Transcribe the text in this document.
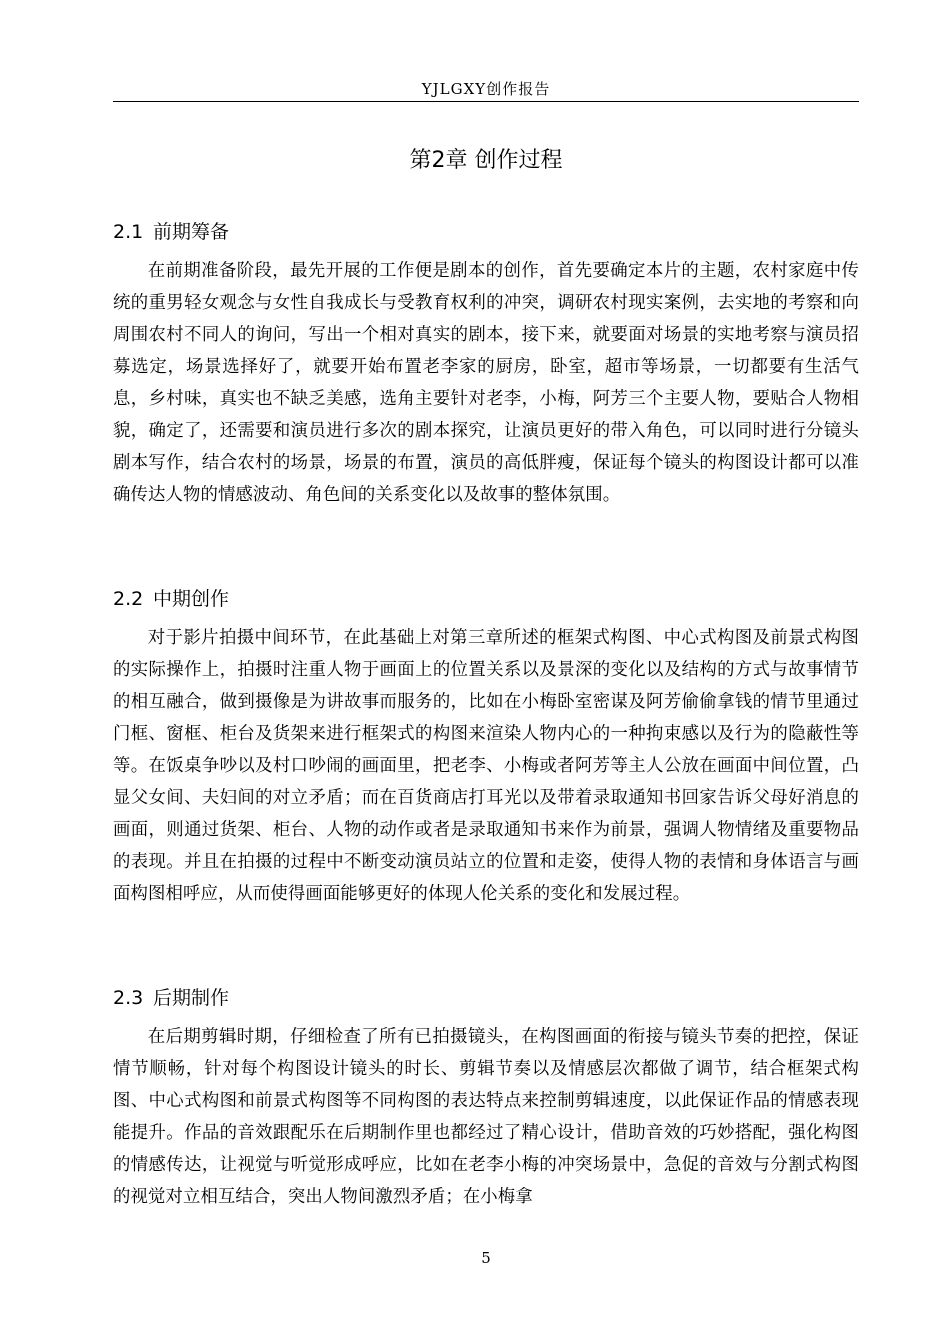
YJLGXY创作报告
第2章 创作过程
2.1 前期筹备

在前期准备阶段，最先开展的工作便是剧本的创作，首先要确定本片的主题，农村家庭中传统的重男轻女观念与女性自我成长与受教育权利的冲突，调研农村现实案例，去实地的考察和向周围农村不同人的询问，写出一个相对真实的剧本，接下来，就要面对场景的实地考察与演员招募选定，场景选择好了，就要开始布置老李家的厨房，卧室，超市等场景，一切都要有生活气息，乡村味，真实也不缺乏美感，选角主要针对老李，小梅，阿芳三个主要人物，要贴合人物相貌，确定了，还需要和演员进行多次的剧本探究，让演员更好的带入角色，可以同时进行分镜头剧本写作，结合农村的场景，场景的布置，演员的高低胖瘦，保证每个镜头的构图设计都可以准确传达人物的情感波动、角色间的关系变化以及故事的整体氛围。

2.2 中期创作

对于影片拍摄中间环节，在此基础上对第三章所述的框架式构图、中心式构图及前景式构图的实际操作上，拍摄时注重人物于画面上的位置关系以及景深的变化以及结构的方式与故事情节的相互融合，做到摄像是为讲故事而服务的，比如在小梅卧室密谋及阿芳偷偷拿钱的情节里通过门框、窗框、柜台及货架来进行框架式的构图来渲染人物内心的一种拘束感以及行为的隐蔽性等等。在饭桌争吵以及村口吵闹的画面里，把老李、小梅或者阿芳等主人公放在画面中间位置，凸显父女间、夫妇间的对立矛盾；而在百货商店打耳光以及带着录取通知书回家告诉父母好消息的画面，则通过货架、柜台、人物的动作或者是录取通知书来作为前景，强调人物情绪及重要物品的表现。并且在拍摄的过程中不断变动演员站立的位置和走姿，使得人物的表情和身体语言与画面构图相呼应，从而使得画面能够更好的体现人伦关系的变化和发展过程。

2.3 后期制作

在后期剪辑时期，仔细检查了所有已拍摄镜头，在构图画面的衔接与镜头节奏的把控，保证情节顺畅，针对每个构图设计镜头的时长、剪辑节奏以及情感层次都做了调节，结合框架式构图、中心式构图和前景式构图等不同构图的表达特点来控制剪辑速度，以此保证作品的情感表现能提升。作品的音效跟配乐在后期制作里也都经过了精心设计，借助音效的巧妙搭配，强化构图的情感传达，让视觉与听觉形成呼应，比如在老李小梅的冲突场景中，急促的音效与分割式构图的视觉对立相互结合，突出人物间激烈矛盾；在小梅拿

5
